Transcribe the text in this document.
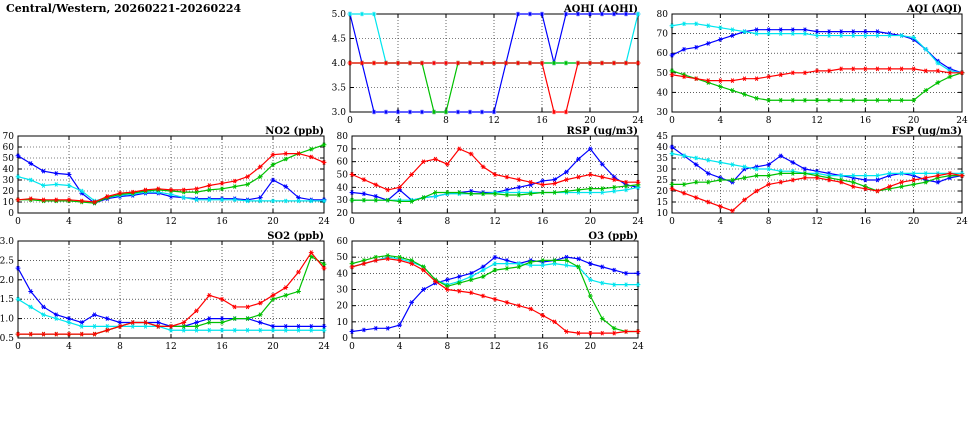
Central/Western, 20260221-20260224
3.0
3.5
4.0
4.5
5.0
0	4	8	12	16	20	24
AQHI (AQHI)
30
40
50
60
70
80
0	4	8	12	16	20	24
AQI (AQI)
0
10
20
30
40
50
60
70
0	4	8	12	16	20	24
NO2 (ppb)
20
30
40
50
60
70
80
0	4	8	12	16	20	24
RSP (ug/m3)
10
15
20
25
30
35
40
45
0	4	8	12	16	20	24
FSP (ug/m3)
0.5
1.0
1.5
2.0
2.5
3.0
0	4	8	12	16	20	24
SO2 (ppb)
0
10
20
30
40
50
60
0	4	8	12	16	20	24
O3 (ppb)
